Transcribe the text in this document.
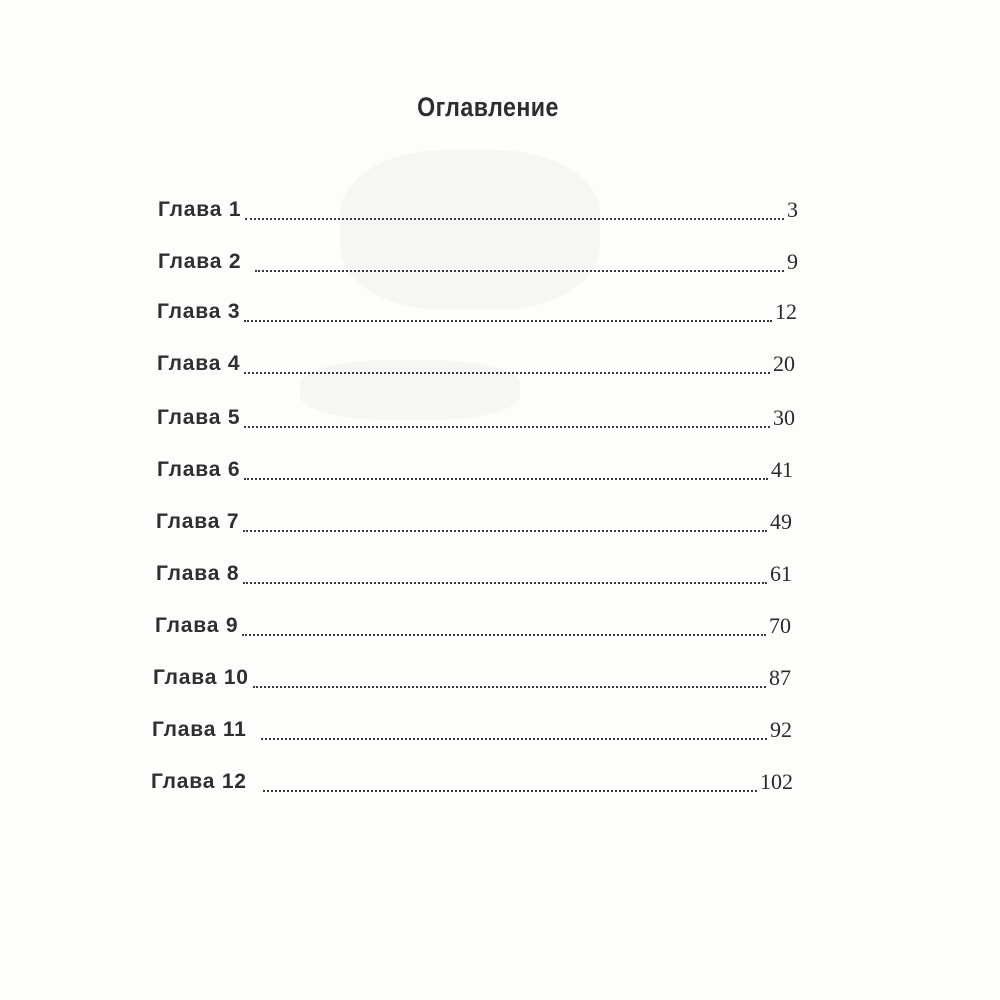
Оглавление
Глава 1	3
Глава 2	9
Глава 3	12
Глава 4	20
Глава 5	30
Глава 6	41
Глава 7	49
Глава 8	61
Глава 9	70
Глава 10	87
Глава 11	92
Глава 12	102
